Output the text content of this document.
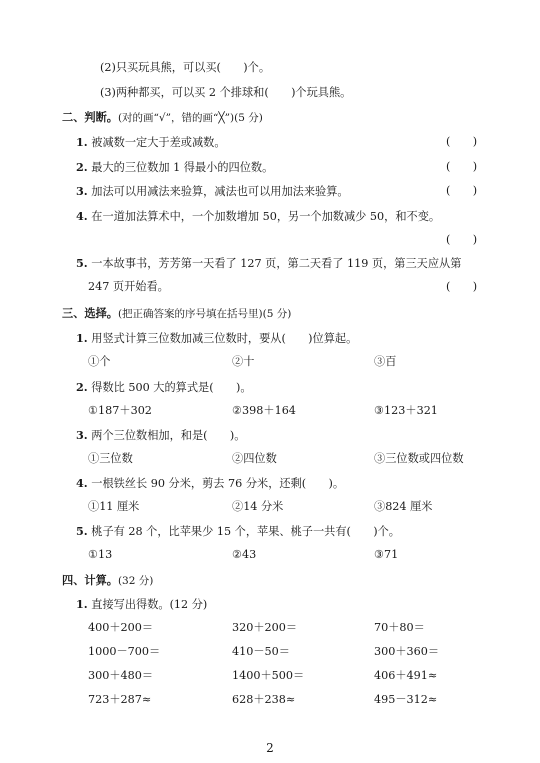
(2)只买玩具熊，可以买(　　)个。
(3)两种都买，可以买 2 个排球和(　　)个玩具熊。
二、判断。(对的画“√”，错的画“╳”)(5 分)
1. 被减数一定大于差或减数。	(　　)
2. 最大的三位数加 1 得最小的四位数。	(　　)
3. 加法可以用减法来验算，减法也可以用加法来验算。	(　　)
4. 在一道加法算术中，一个加数增加 50，另一个加数减少 50，和不变。
(　　)
5. 一本故事书，芳芳第一天看了 127 页，第二天看了 119 页，第三天应从第
247 页开始看。	(　　)
三、选择。(把正确答案的序号填在括号里)(5 分)
1. 用竖式计算三位数加减三位数时，要从(　　)位算起。
①个	②十	③百
2. 得数比 500 大的算式是(　　)。
①187＋302	②398＋164	③123＋321
3. 两个三位数相加，和是(　　)。
①三位数	②四位数	③三位数或四位数
4. 一根铁丝长 90 分米，剪去 76 分米，还剩(　　)。
①11 厘米	②14 分米	③824 厘米
5. 桃子有 28 个，比苹果少 15 个，苹果、桃子一共有(　　)个。
①13	②43	③71
四、计算。(32 分)
1. 直接写出得数。(12 分)
400＋200＝	320＋200＝	70＋80＝
1000－700＝	410－50＝	300＋360＝
300＋480＝	1400＋500＝	406＋491≈
723＋287≈	628＋238≈	495－312≈
2
